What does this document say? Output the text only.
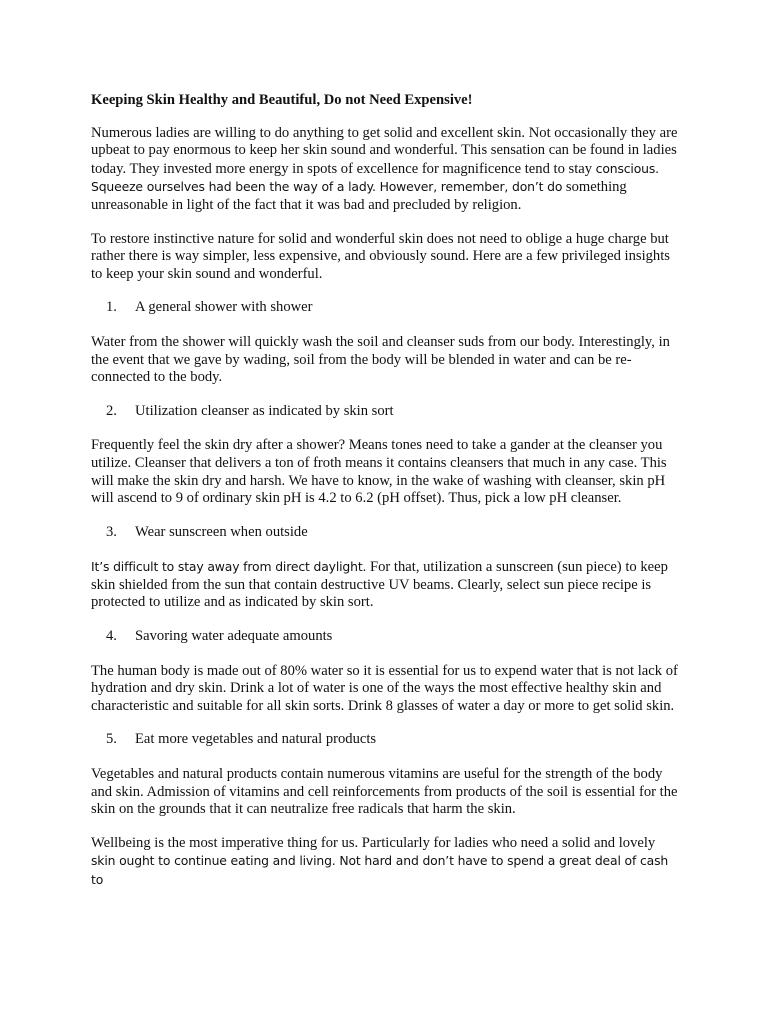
Keeping Skin Healthy and Beautiful, Do not Need Expensive!

Numerous ladies are willing to do anything to get solid and excellent skin. Not occasionally they are upbeat to pay enormous to keep her skin sound and wonderful. This sensation can be found in ladies today. They invested more energy in spots of excellence for magnificence tend to stay conscious. Squeeze ourselves had been the way of a lady. However, remember, don’t do something unreasonable in light of the fact that it was bad and precluded by religion.

To restore instinctive nature for solid and wonderful skin does not need to oblige a huge charge but rather there is way simpler, less expensive, and obviously sound. Here are a few privileged insights to keep your skin sound and wonderful.

1.	A general shower with shower

Water from the shower will quickly wash the soil and cleanser suds from our body. Interestingly, in the event that we gave by wading, soil from the body will be blended in water and can be re-connected to the body.

2.	Utilization cleanser as indicated by skin sort

Frequently feel the skin dry after a shower? Means tones need to take a gander at the cleanser you utilize. Cleanser that delivers a ton of froth means it contains cleansers that much in any case. This will make the skin dry and harsh. We have to know, in the wake of washing with cleanser, skin pH will ascend to 9 of ordinary skin pH is 4.2 to 6.2 (pH offset). Thus, pick a low pH cleanser.

3.	Wear sunscreen when outside

It’s difficult to stay away from direct daylight. For that, utilization a sunscreen (sun piece) to keep skin shielded from the sun that contain destructive UV beams. Clearly, select sun piece recipe is protected to utilize and as indicated by skin sort.

4.	Savoring water adequate amounts

The human body is made out of 80% water so it is essential for us to expend water that is not lack of hydration and dry skin. Drink a lot of water is one of the ways the most effective healthy skin and characteristic and suitable for all skin sorts. Drink 8 glasses of water a day or more to get solid skin.

5.	Eat more vegetables and natural products

Vegetables and natural products contain numerous vitamins are useful for the strength of the body and skin. Admission of vitamins and cell reinforcements from products of the soil is essential for the skin on the grounds that it can neutralize free radicals that harm the skin.

Wellbeing is the most imperative thing for us. Particularly for ladies who need a solid and lovely skin ought to continue eating and living. Not hard and don’t have to spend a great deal of cash to
